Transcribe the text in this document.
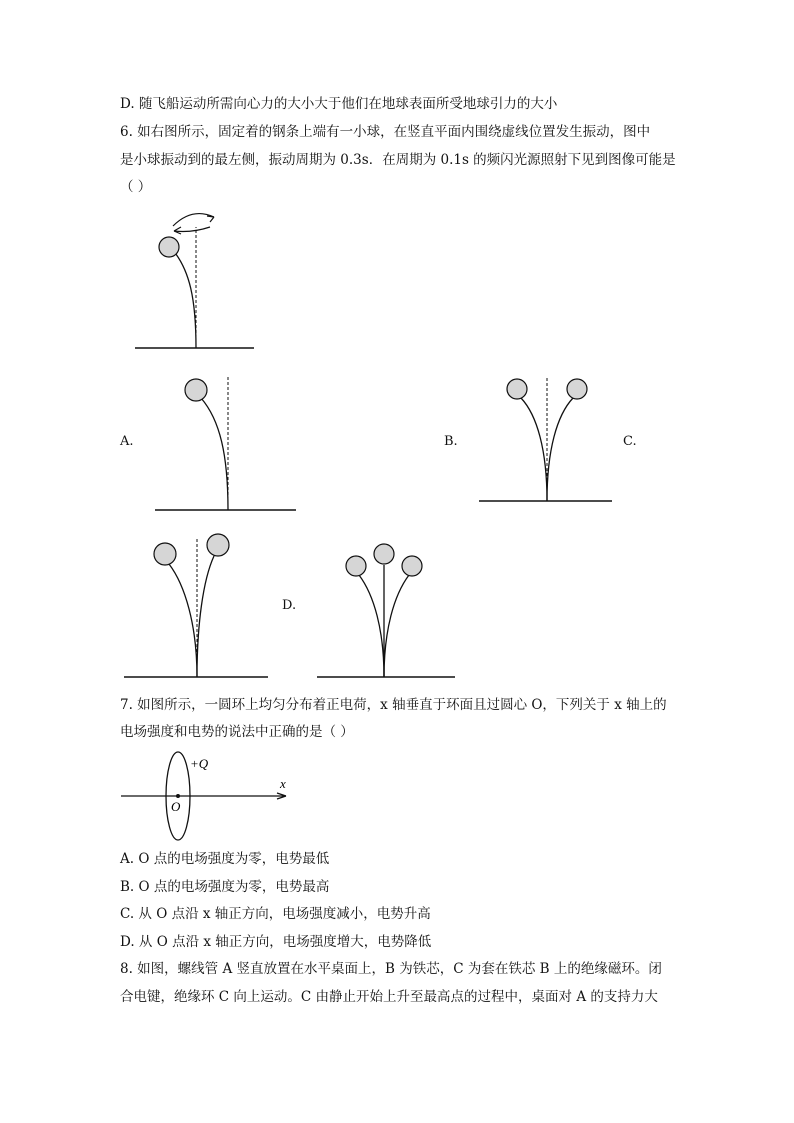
D. 随飞船运动所需向心力的大小大于他们在地球表面所受地球引力的大小
6. 如右图所示，固定着的钢条上端有一小球，在竖直平面内围绕虚线位置发生振动，图中
是小球振动到的最左侧，振动周期为 0.3s．在周期为 0.1s 的频闪光源照射下见到图像可能是
（ ）
A.	B.	C.
D.
7. 如图所示，一圆环上均匀分布着正电荷，x 轴垂直于环面且过圆心 O，下列关于 x 轴上的
电场强度和电势的说法中正确的是（ ）
+Q
x
O
A. O 点的电场强度为零，电势最低
B. O 点的电场强度为零，电势最高
C. 从 O 点沿 x 轴正方向，电场强度减小，电势升高
D. 从 O 点沿 x 轴正方向，电场强度增大，电势降低
8. 如图，螺线管 A 竖直放置在水平桌面上，B 为铁芯，C 为套在铁芯 B 上的绝缘磁环。闭
合电键，绝缘环 C 向上运动。C 由静止开始上升至最高点的过程中，桌面对 A 的支持力大
